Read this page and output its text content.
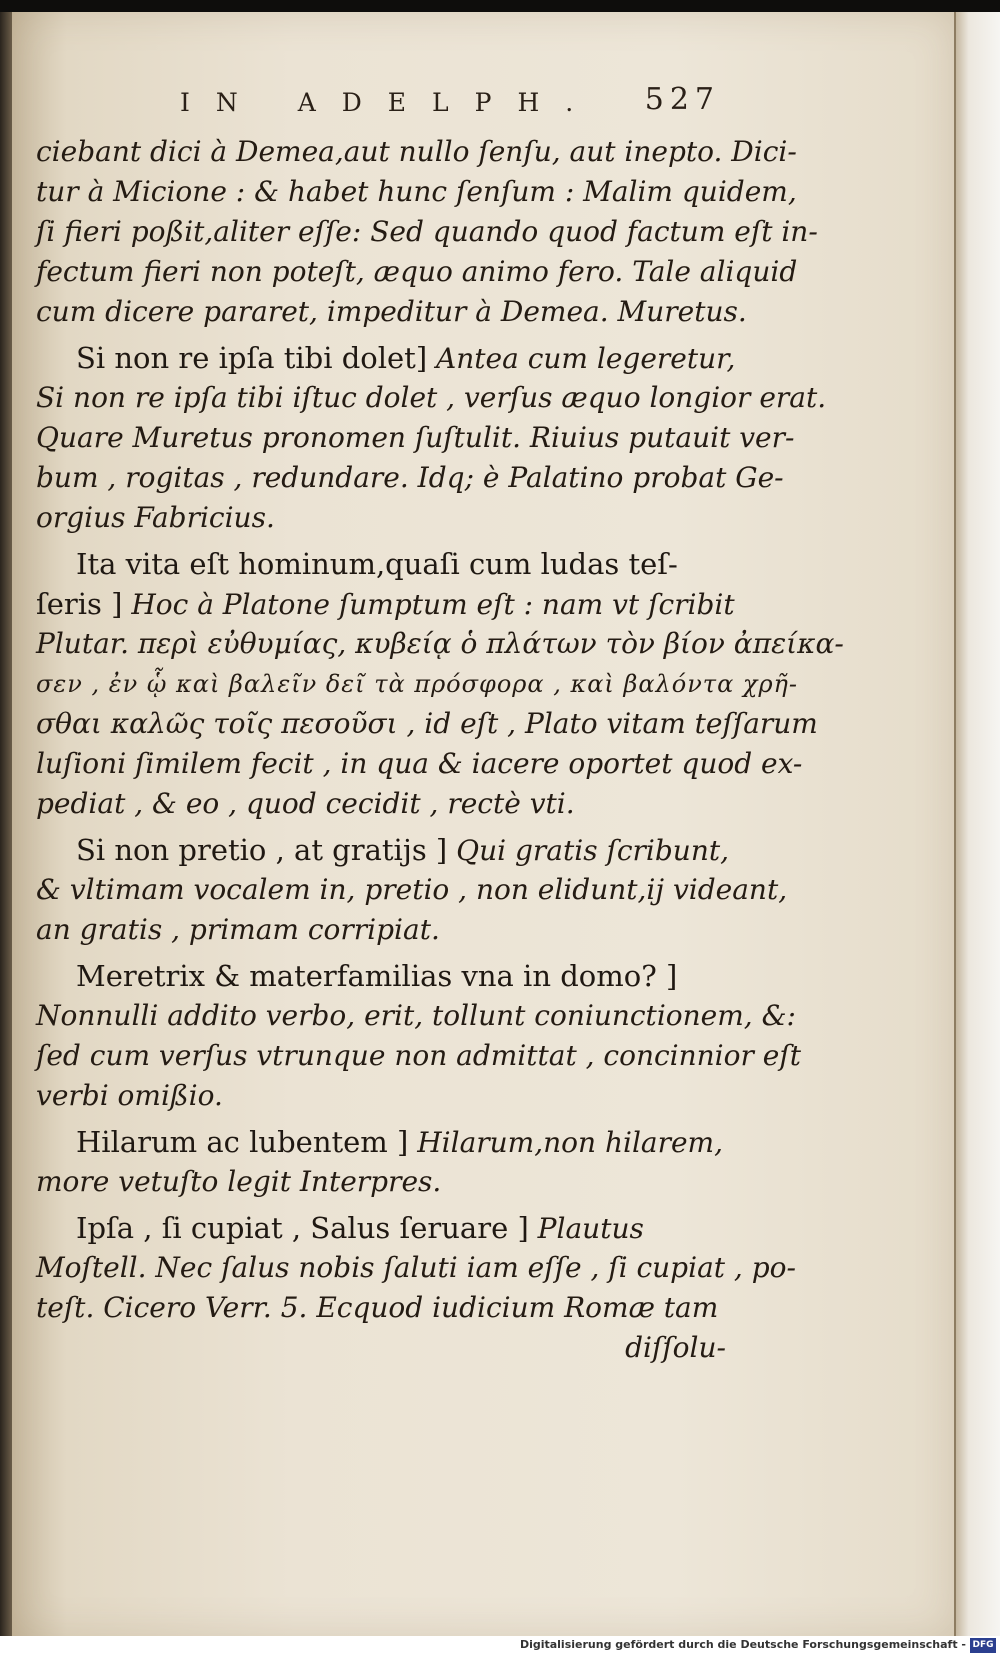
IN ADELPH. 527
ciebant dici à Demea,aut nullo ſenſu, aut inepto. Dici-
tur à Micione : & habet hunc ſenſum : Malim quidem,
ſi fieri poßit,aliter eſſe: Sed quando quod factum eſt in-
fectum fieri non poteſt, æquo animo fero. Tale aliquid
cum dicere pararet, impeditur à Demea. Muretus.
Si non re ipſa tibi dolet] Antea cum legeretur,
Si non re ipſa tibi iſtuc dolet , verſus æquo longior erat.
Quare Muretus pronomen ſuſtulit. Riuius putauit ver-
bum , rogitas , redundare. Idq; è Palatino probat Ge-
orgius Fabricius.
Ita vita eſt hominum,quaſi cum ludas teſ-
ſeris ] Hoc à Platone ſumptum eſt : nam vt ſcribit
Plutar. περὶ εὐθυμίας, κυβείᾳ ὁ πλάτων τὸν βίον ἀπείκα-
σεν , ἐν ᾧ καὶ βαλεῖν δεῖ τὰ πρόσφορα , καὶ βαλόντα χρῆ-
σθαι καλῶς τοῖς πεσοῦσι , id eſt , Plato vitam teſſarum
luſioni ſimilem fecit , in qua & iacere oportet quod ex-
pediat , & eo , quod cecidit , rectè vti.
Si non pretio , at gratijs ] Qui gratis ſcribunt,
& vltimam vocalem in, pretio , non elidunt,ij videant,
an gratis , primam corripiat.
Meretrix & materfamilias vna in domo? ]
Nonnulli addito verbo, erit, tollunt coniunctionem, &:
ſed cum verſus vtrunque non admittat , concinnior eſt
verbi omißio.
Hilarum ac lubentem ] Hilarum,non hilarem,
more vetuſto legit Interpres.
Ipſa , ſi cupiat , Salus ſeruare ] Plautus
Moſtell. Nec ſalus nobis ſaluti iam eſſe , ſi cupiat , po-
teſt. Cicero Verr. 5. Ecquod iudicium Romæ tam
diſſolu-
Digitalisierung gefördert durch die Deutsche Forschungsgemeinschaft - DFG
